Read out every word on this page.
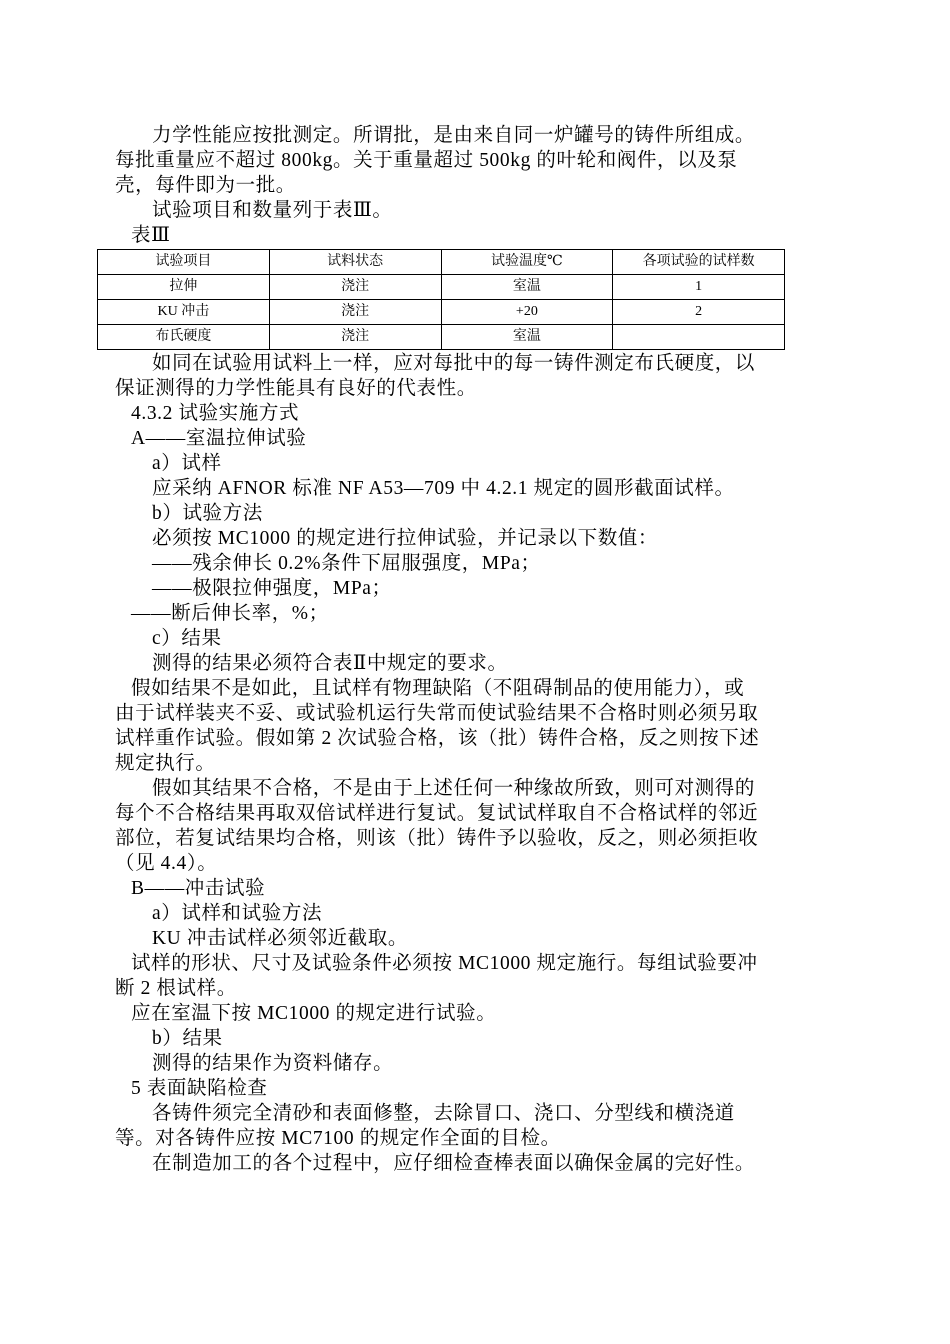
力学性能应按批测定。所谓批，是由来自同一炉罐号的铸件所组成。
每批重量应不超过 800kg。关于重量超过 500kg 的叶轮和阀件，以及泵
壳，每件即为一批。
试验项目和数量列于表Ⅲ。
表Ⅲ
试验项目	试料状态	试验温度℃	各项试验的试样数
拉伸	浇注	室温	1
KU 冲击	浇注	+20	2
布氏硬度	浇注	室温	
如同在试验用试料上一样，应对每批中的每一铸件测定布氏硬度，以
保证测得的力学性能具有良好的代表性。
4.3.2 试验实施方式
A——室温拉伸试验
a）试样
应采纳 AFNOR 标准 NF A53—709 中 4.2.1 规定的圆形截面试样。
b）试验方法
必须按 MC1000 的规定进行拉伸试验，并记录以下数值：
——残余伸长 0.2%条件下屈服强度，MPa；
——极限拉伸强度，MPa；
——断后伸长率，%；
c）结果
测得的结果必须符合表Ⅱ中规定的要求。
假如结果不是如此，且试样有物理缺陷（不阻碍制品的使用能力），或
由于试样装夹不妥、或试验机运行失常而使试验结果不合格时则必须另取
试样重作试验。假如第 2 次试验合格，该（批）铸件合格，反之则按下述
规定执行。
假如其结果不合格，不是由于上述任何一种缘故所致，则可对测得的
每个不合格结果再取双倍试样进行复试。复试试样取自不合格试样的邻近
部位，若复试结果均合格，则该（批）铸件予以验收，反之，则必须拒收
（见 4.4）。
B——冲击试验
a）试样和试验方法
KU 冲击试样必须邻近截取。
试样的形状、尺寸及试验条件必须按 MC1000 规定施行。每组试验要冲
断 2 根试样。
应在室温下按 MC1000 的规定进行试验。
b）结果
测得的结果作为资料储存。
5 表面缺陷检查
各铸件须完全清砂和表面修整，去除冒口、浇口、分型线和横浇道
等。对各铸件应按 MC7100 的规定作全面的目检。
在制造加工的各个过程中，应仔细检查棒表面以确保金属的完好性。
